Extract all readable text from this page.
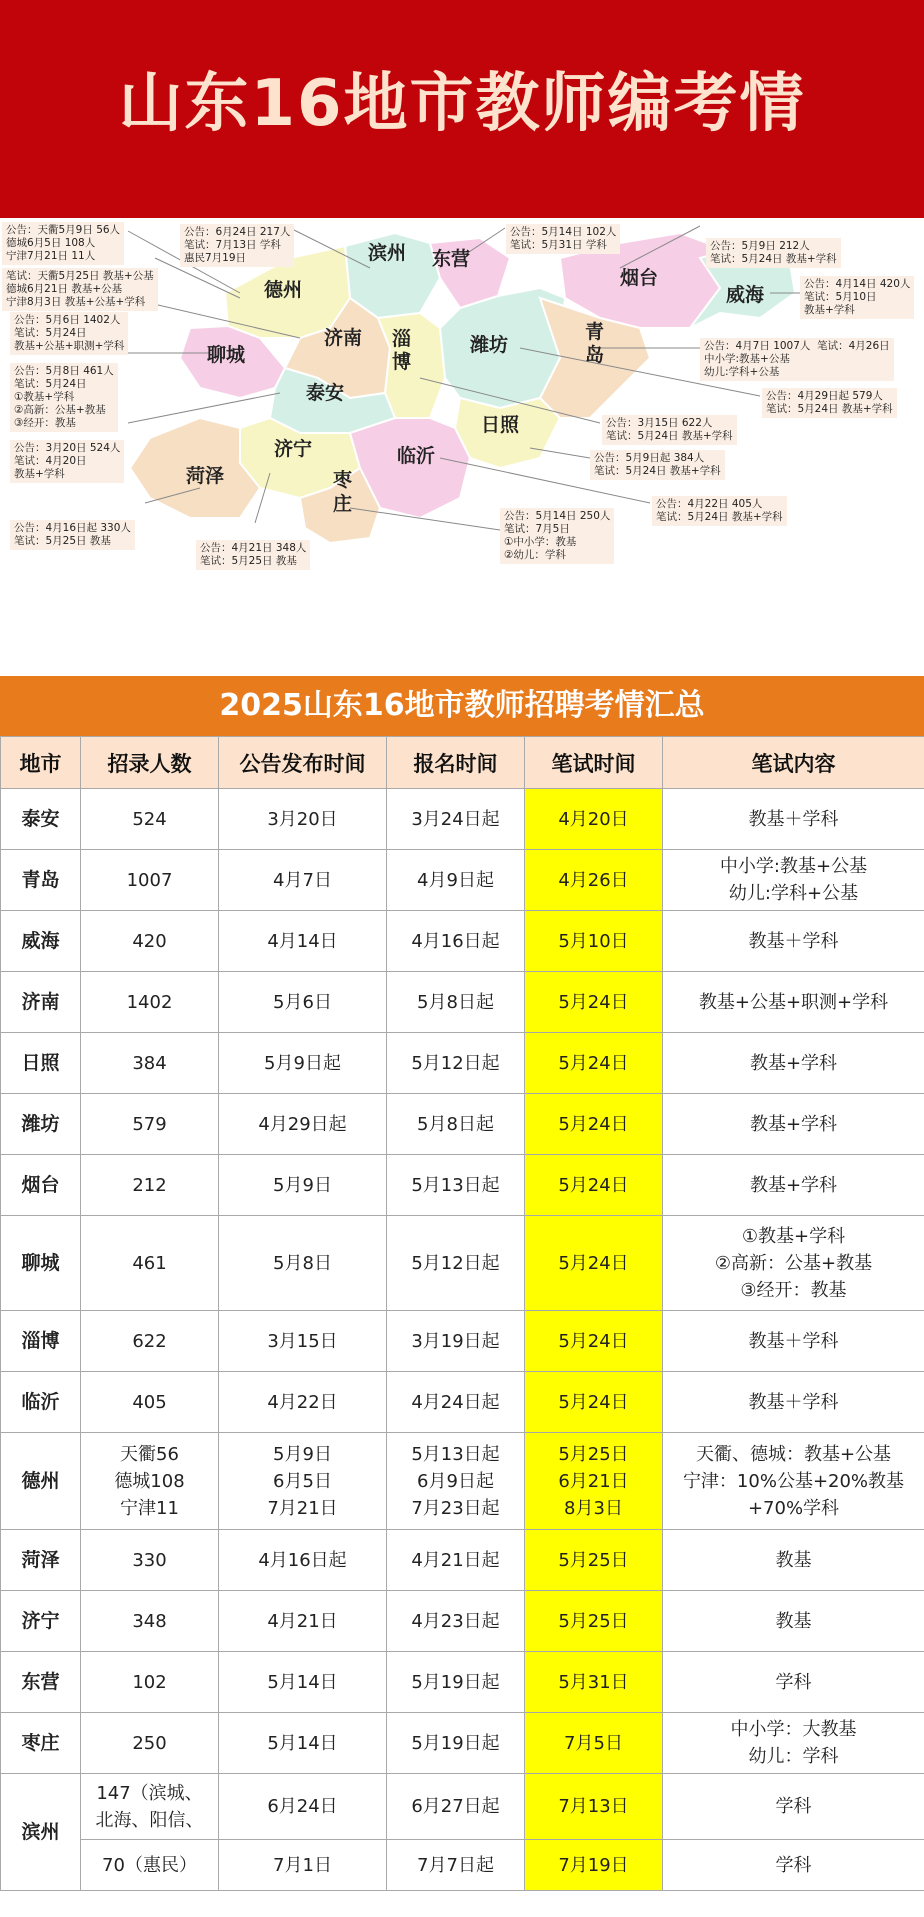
山东16地市教师编考情
滨州 东营
德州
烟台
威海
济南 淄博
潍坊
青岛
聊城
泰安
日照
济宁	临沂
菏泽	枣庄
公告：天衢5月9日 56人
德城6月5日 108人
宁津7月21日 11人
笔试：天衢5月25日 教基+公基
德城6月21日 教基+公基
宁津8月3日 教基+公基+学科
公告：5月6日 1402人
笔试：5月24日
教基+公基+职测+学科
公告：5月8日 461人
笔试：5月24日
①教基+学科
②高新：公基+教基
③经开：教基
公告：3月20日 524人
笔试：4月20日
教基+学科
公告：4月16日起 330人
笔试：5月25日 教基
公告：4月21日 348人
笔试：5月25日 教基
公告：6月24日 217人
笔试：7月13日 学科
惠民7月19日
公告：5月14日 102人
笔试：5月31日 学科	公告：5月9日 212人
笔试：5月24日 教基+学科
公告：4月14日 420人
笔试：5月10日
教基+学科
公告：4月7日 1007人  笔试：4月26日
中小学:教基+公基
幼儿:学科+公基
公告：4月29日起 579人
笔试：5月24日 教基+学科
公告：3月15日 622人
笔试：5月24日 教基+学科
公告：5月9日起 384人
笔试：5月24日 教基+学科
公告：4月22日 405人
笔试：5月24日 教基+学科
公告：5月14日 250人
笔试：7月5日
①中小学：教基
②幼儿：学科
2025山东16地市教师招聘考情汇总
地市	招录人数	公告发布时间	报名时间	笔试时间	笔试内容
泰安	524	3月20日	3月24日起	4月20日	教基＋学科

青岛	1007	4月7日	4月9日起	4月26日	中小学:教基+公基
幼儿:学科+公基

威海	420	4月14日	4月16日起	5月10日	教基＋学科

济南	1402	5月6日	5月8日起	5月24日	教基+公基+职测+学科

日照	384	5月9日起	5月12日起	5月24日	教基+学科

潍坊	579	4月29日起	5月8日起	5月24日	教基+学科

烟台	212	5月9日	5月13日起	5月24日	教基+学科

聊城	461	5月8日	5月12日起	5月24日	①教基+学科
②高新：公基+教基
③经开：教基

淄博	622	3月15日	3月19日起	5月24日	教基＋学科

临沂	405	4月22日	4月24日起	5月24日	教基＋学科

德州	天衢56
德城108
宁津11	5月9日
6月5日
7月21日	5月13日起
6月9日起
7月23日起	5月25日
6月21日
8月3日	天衢、德城：教基+公基
宁津：10%公基+20%教基
+70%学科

菏泽	330	4月16日起	4月21日起	5月25日	教基

济宁	348	4月21日	4月23日起	5月25日	教基

东营	102	5月14日	5月19日起	5月31日	学科

枣庄	250	5月14日	5月19日起	7月5日	中小学：大教基
幼儿：学科

滨州	147（滨城、
北海、阳信、	6月24日	6月27日起	7月13日	学科

	70（惠民）	7月1日	7月7日起	7月19日	学科
